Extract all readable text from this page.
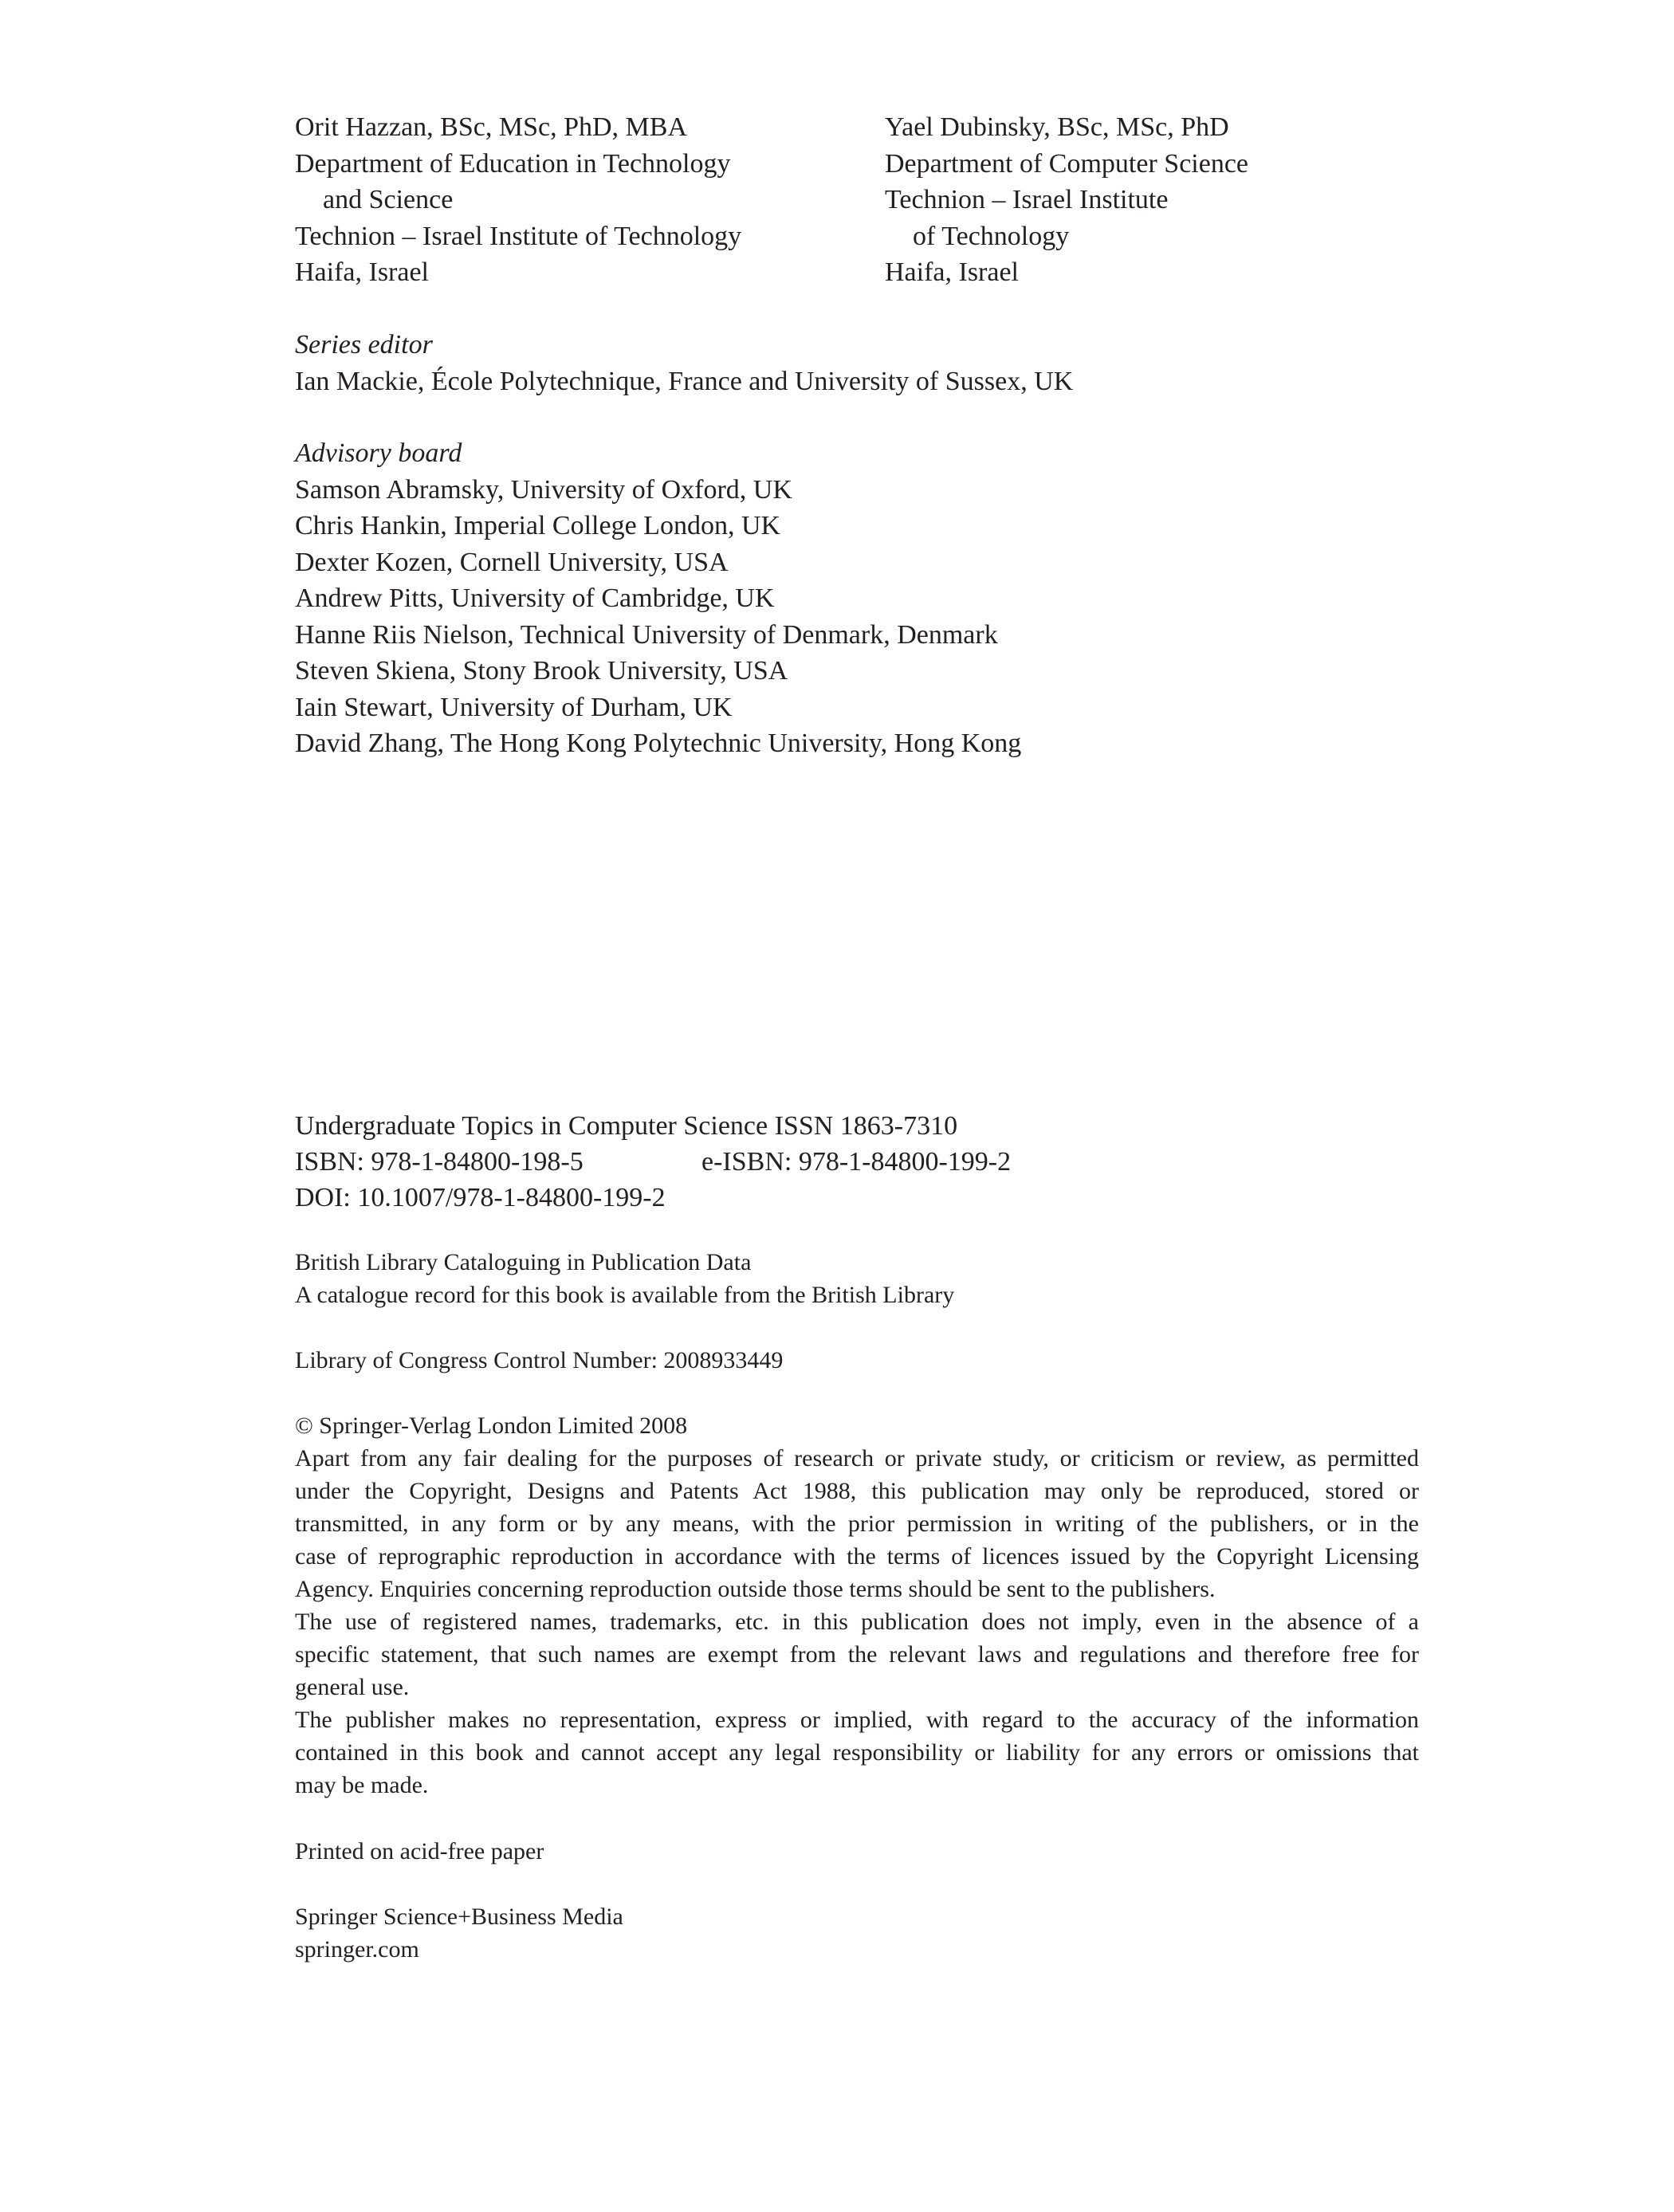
Orit Hazzan, BSc, MSc, PhD, MBA
Department of Education in Technology
and Science
Technion – Israel Institute of Technology
Haifa, Israel
Yael Dubinsky, BSc, MSc, PhD
Department of Computer Science
Technion – Israel Institute
of Technology
Haifa, Israel
Series editor
Ian Mackie, École Polytechnique, France and University of Sussex, UK
Advisory board
Samson Abramsky, University of Oxford, UK
Chris Hankin, Imperial College London, UK
Dexter Kozen, Cornell University, USA
Andrew Pitts, University of Cambridge, UK
Hanne Riis Nielson, Technical University of Denmark, Denmark
Steven Skiena, Stony Brook University, USA
Iain Stewart, University of Durham, UK
David Zhang, The Hong Kong Polytechnic University, Hong Kong
Undergraduate Topics in Computer Science ISSN 1863-7310
ISBN: 978-1-84800-198-5	e-ISBN: 978-1-84800-199-2
DOI: 10.1007/978-1-84800-199-2
British Library Cataloguing in Publication Data
A catalogue record for this book is available from the British Library
Library of Congress Control Number: 2008933449
© Springer-Verlag London Limited 2008
Apart from any fair dealing for the purposes of research or private study, or criticism or review, as permitted
under the Copyright, Designs and Patents Act 1988, this publication may only be reproduced, stored or
transmitted, in any form or by any means, with the prior permission in writing of the publishers, or in the
case of reprographic reproduction in accordance with the terms of licences issued by the Copyright Licensing
Agency. Enquiries concerning reproduction outside those terms should be sent to the publishers.
The use of registered names, trademarks, etc. in this publication does not imply, even in the absence of a
specific statement, that such names are exempt from the relevant laws and regulations and therefore free for
general use.
The publisher makes no representation, express or implied, with regard to the accuracy of the information
contained in this book and cannot accept any legal responsibility or liability for any errors or omissions that
may be made.
Printed on acid-free paper
Springer Science+Business Media
springer.com
